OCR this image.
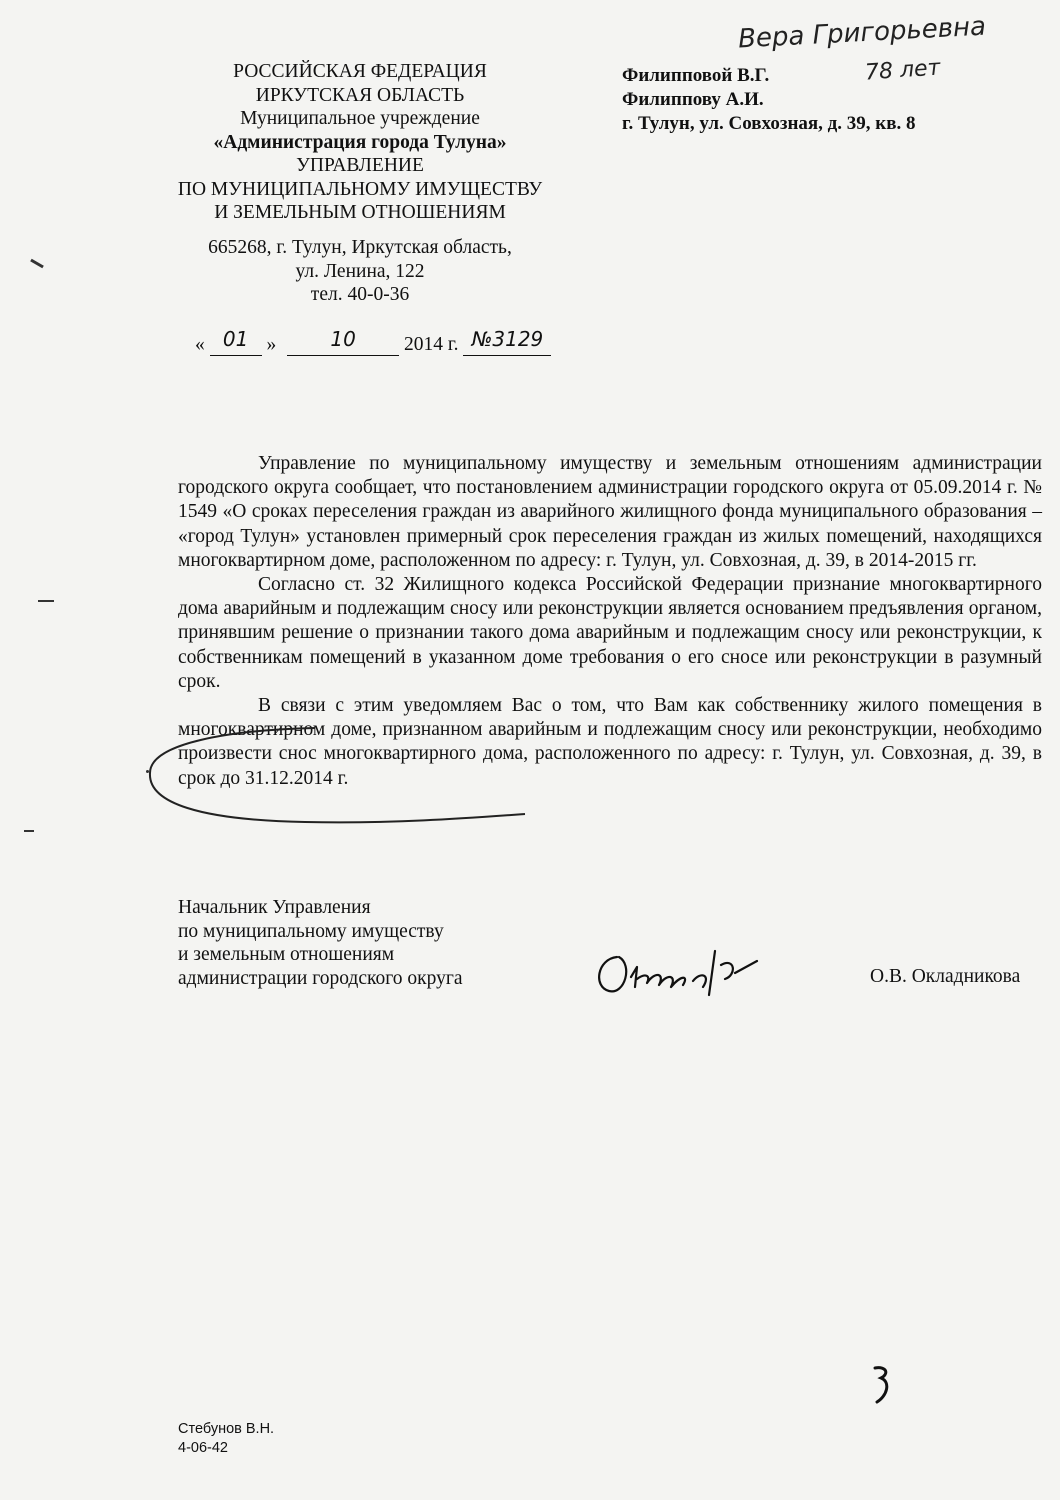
РОССИЙСКАЯ ФЕДЕРАЦИЯ
ИРКУТСКАЯ ОБЛАСТЬ
Муниципальное учреждение
«Администрация города Тулуна»
УПРАВЛЕНИЕ
ПО МУНИЦИПАЛЬНОМУ ИМУЩЕСТВУ
И ЗЕМЕЛЬНЫМ ОТНОШЕНИЯМ
665268, г. Тулун, Иркутская область,
ул. Ленина, 122
тел. 40-0-36
« 01 »	10 2014 г. №3129
Филипповой В.Г.
Филиппову А.И.
г. Тулун, ул. Совхозная, д. 39, кв. 8
Вера Григорьевна
78 лет

Управление по муниципальному имуществу и земельным отношениям администрации городского округа сообщает, что постановлением администрации городского округа от 05.09.2014 г. № 1549 «О сроках переселения граждан из аварийного жилищного фонда муниципального образования – «город Тулун» установлен примерный срок переселения граждан из жилых помещений, находящихся многоквартирном доме, расположенном по адресу: г. Тулун, ул. Совхозная, д. 39, в 2014-2015 гг.

Согласно ст. 32 Жилищного кодекса Российской Федерации признание многоквартирного дома аварийным и подлежащим сносу или реконструкции является основанием предъявления органом, принявшим решение о признании такого дома аварийным и подлежащим сносу или реконструкции, к собственникам помещений в указанном доме требования о его сносе или реконструкции в разумный срок.

В связи с этим уведомляем Вас о том, что Вам как собственнику жилого помещения в многоквартирном доме, признанном аварийным и подлежащим сносу или реконструкции, необходимо произвести снос многоквартирного дома, расположенного по адресу: г. Тулун, ул. Совхозная, д. 39, в срок до 31.12.2014 г.

Начальник Управления
по муниципальному имуществу
и земельным отношениям
администрации городского округа	О.В. Окладникова
Стебунов В.Н.
4-06-42
